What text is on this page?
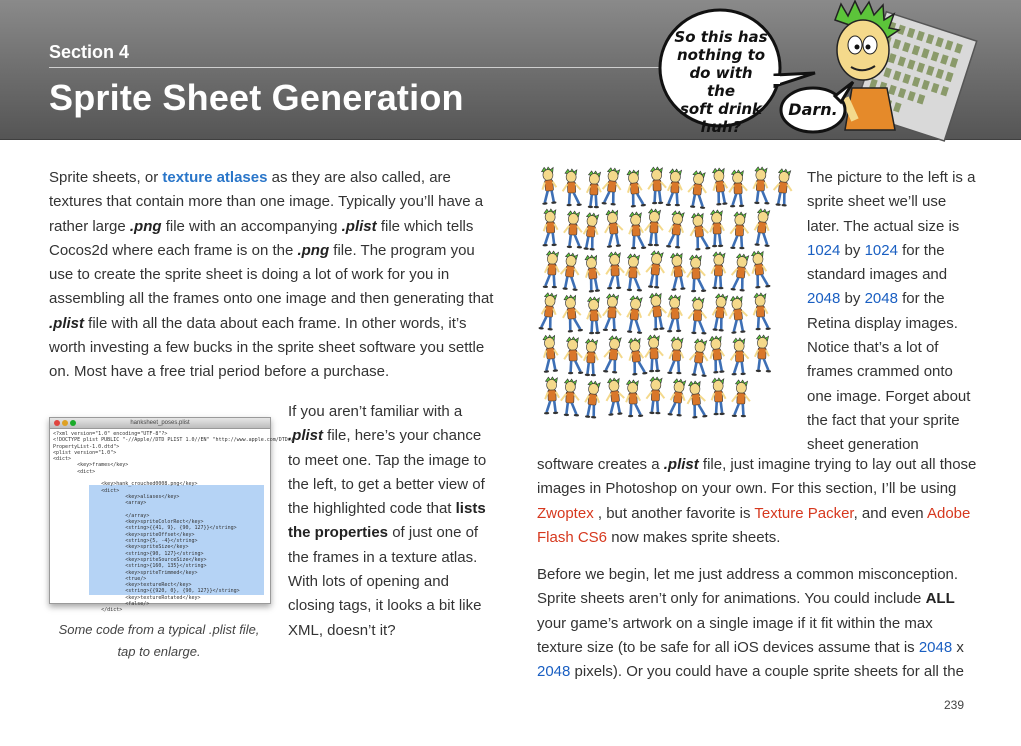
Section 4
Sprite Sheet Generation
So this has
nothing to
do with the
soft drink
huh?
Darn.
Sprite sheets, or texture atlases as they are also called, are textures that contain more than one image. Typically you’ll have a rather large .png file with an accompanying .plist file which tells Cocos2d where each frame is on the .png file. The program you use to create the sprite sheet is doing a lot of work for you in assembling all the frames onto one image and then generating that .plist file with all the data about each frame. In other words, it’s worth investing a few bucks in the sprite sheet software you settle on. Most have a free trial period before a purchase.
hanksheet_poses.plist
<?xml version="1.0" encoding="UTF-8"?>
<!DOCTYPE plist PUBLIC "-//Apple//DTD PLIST 1.0//EN" "http://www.apple.com/DTDs/
PropertyList-1.0.dtd">
<plist version="1.0">
<dict>
<key>frames</key>
<dict>

<key>hank_crouched0008.png</key>
<dict>
<key>aliases</key>
<array>

</array>
<key>spriteColorRect</key>
<string>{{41, 9}, {90, 127}}</string>
<key>spriteOffset</key>
<string>{5, -4}</string>
<key>spriteSize</key>
<string>{90, 127}</string>
<key>spriteSourceSize</key>
<string>{160, 135}</string>
<key>spriteTrimmed</key>
<true/>
<key>textureRect</key>
<string>{{920, 0}, {90, 127}}</string>
<key>textureRotated</key>
<false/>
</dict>
Some code from a typical .plist file, tap to enlarge.
If you aren’t familiar with a .plist file, here’s your chance to meet one. Tap the image to the left, to get a better view of the highlighted code that lists the properties of just one of the frames in a texture atlas. With lots of opening and closing tags, it looks a bit like XML, doesn’t it?
The picture to the left is a sprite sheet we’ll use later. The actual size is 1024 by 1024 for the standard images and 2048 by 2048 for the Retina display images. Notice that’s a lot of frames crammed onto one image. Forget about the fact that your sprite sheet generation
software creates a .plist file, just imagine trying to lay out all those images in Photoshop on your own. For this section, I’ll be using Zwoptex , but another favorite is Texture Packer, and even Adobe Flash CS6 now makes sprite sheets.
Before we begin, let me just address a common misconception. Sprite sheets aren’t only for animations. You could include ALL your game’s artwork on a single image if it fit within the max texture size (to be safe for all iOS devices assume that is 2048 x 2048 pixels). Or you could have a couple sprite sheets for all the
239
